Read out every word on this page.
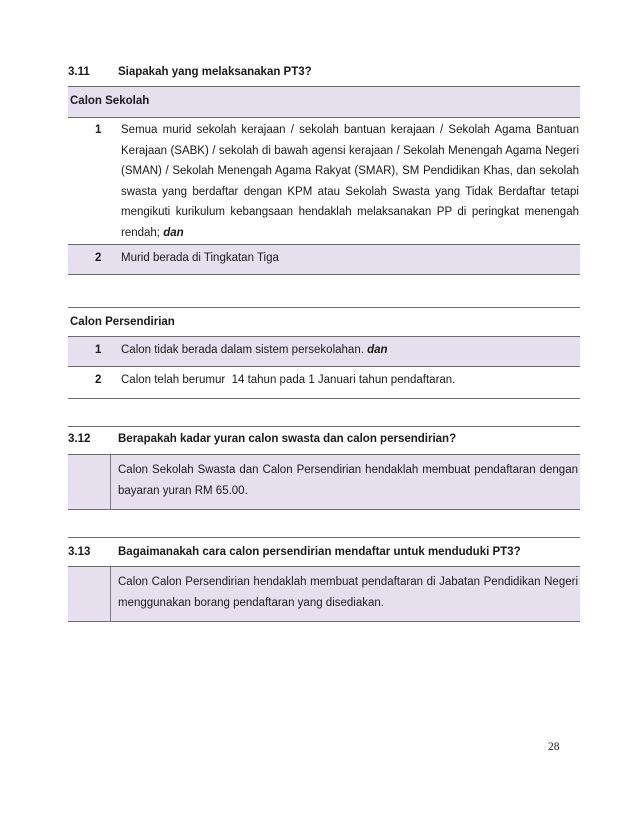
3.11 Siapakah yang melaksanakan PT3?
Calon Sekolah
1 Semua murid sekolah kerajaan / sekolah bantuan kerajaan / Sekolah Agama Bantuan Kerajaan (SABK) / sekolah di bawah agensi kerajaan / Sekolah Menengah Agama Negeri (SMAN) / Sekolah Menengah Agama Rakyat (SMAR), SM Pendidikan Khas, dan sekolah swasta yang berdaftar dengan KPM atau Sekolah Swasta yang Tidak Berdaftar tetapi mengikuti kurikulum kebangsaan hendaklah melaksanakan PP di peringkat menengah rendah; dan
2 Murid berada di Tingkatan Tiga
Calon Persendirian
1 Calon tidak berada dalam sistem persekolahan. dan
2 Calon telah berumur  14 tahun pada 1 Januari tahun pendaftaran.
3.12 Berapakah kadar yuran calon swasta dan calon persendirian?
Calon Sekolah Swasta dan Calon Persendirian hendaklah membuat pendaftaran dengan bayaran yuran RM 65.00.
3.13 Bagaimanakah cara calon persendirian mendaftar untuk menduduki PT3?
Calon Calon Persendirian hendaklah membuat pendaftaran di Jabatan Pendidikan Negeri menggunakan borang pendaftaran yang disediakan.
28
